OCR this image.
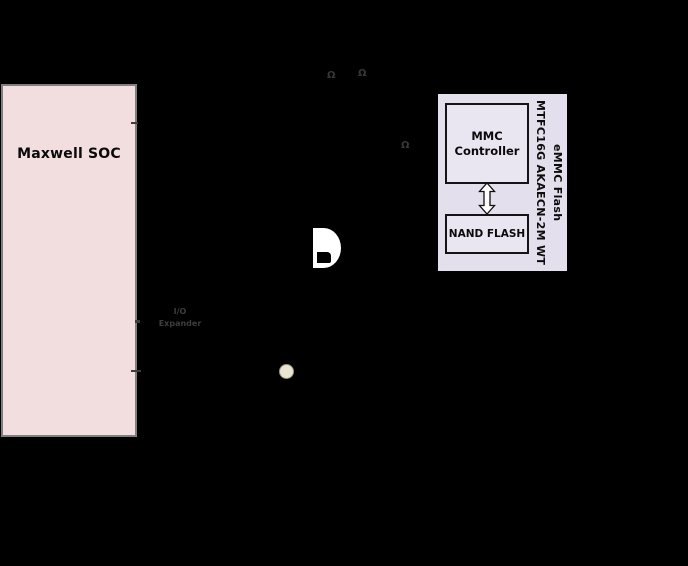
Maxwell SOC
Ω Ω
Ω
I/O
Expander
MMC Controller
NAND FLASH
eMMC Flash
MTFC16G AKAECN-2M WT
